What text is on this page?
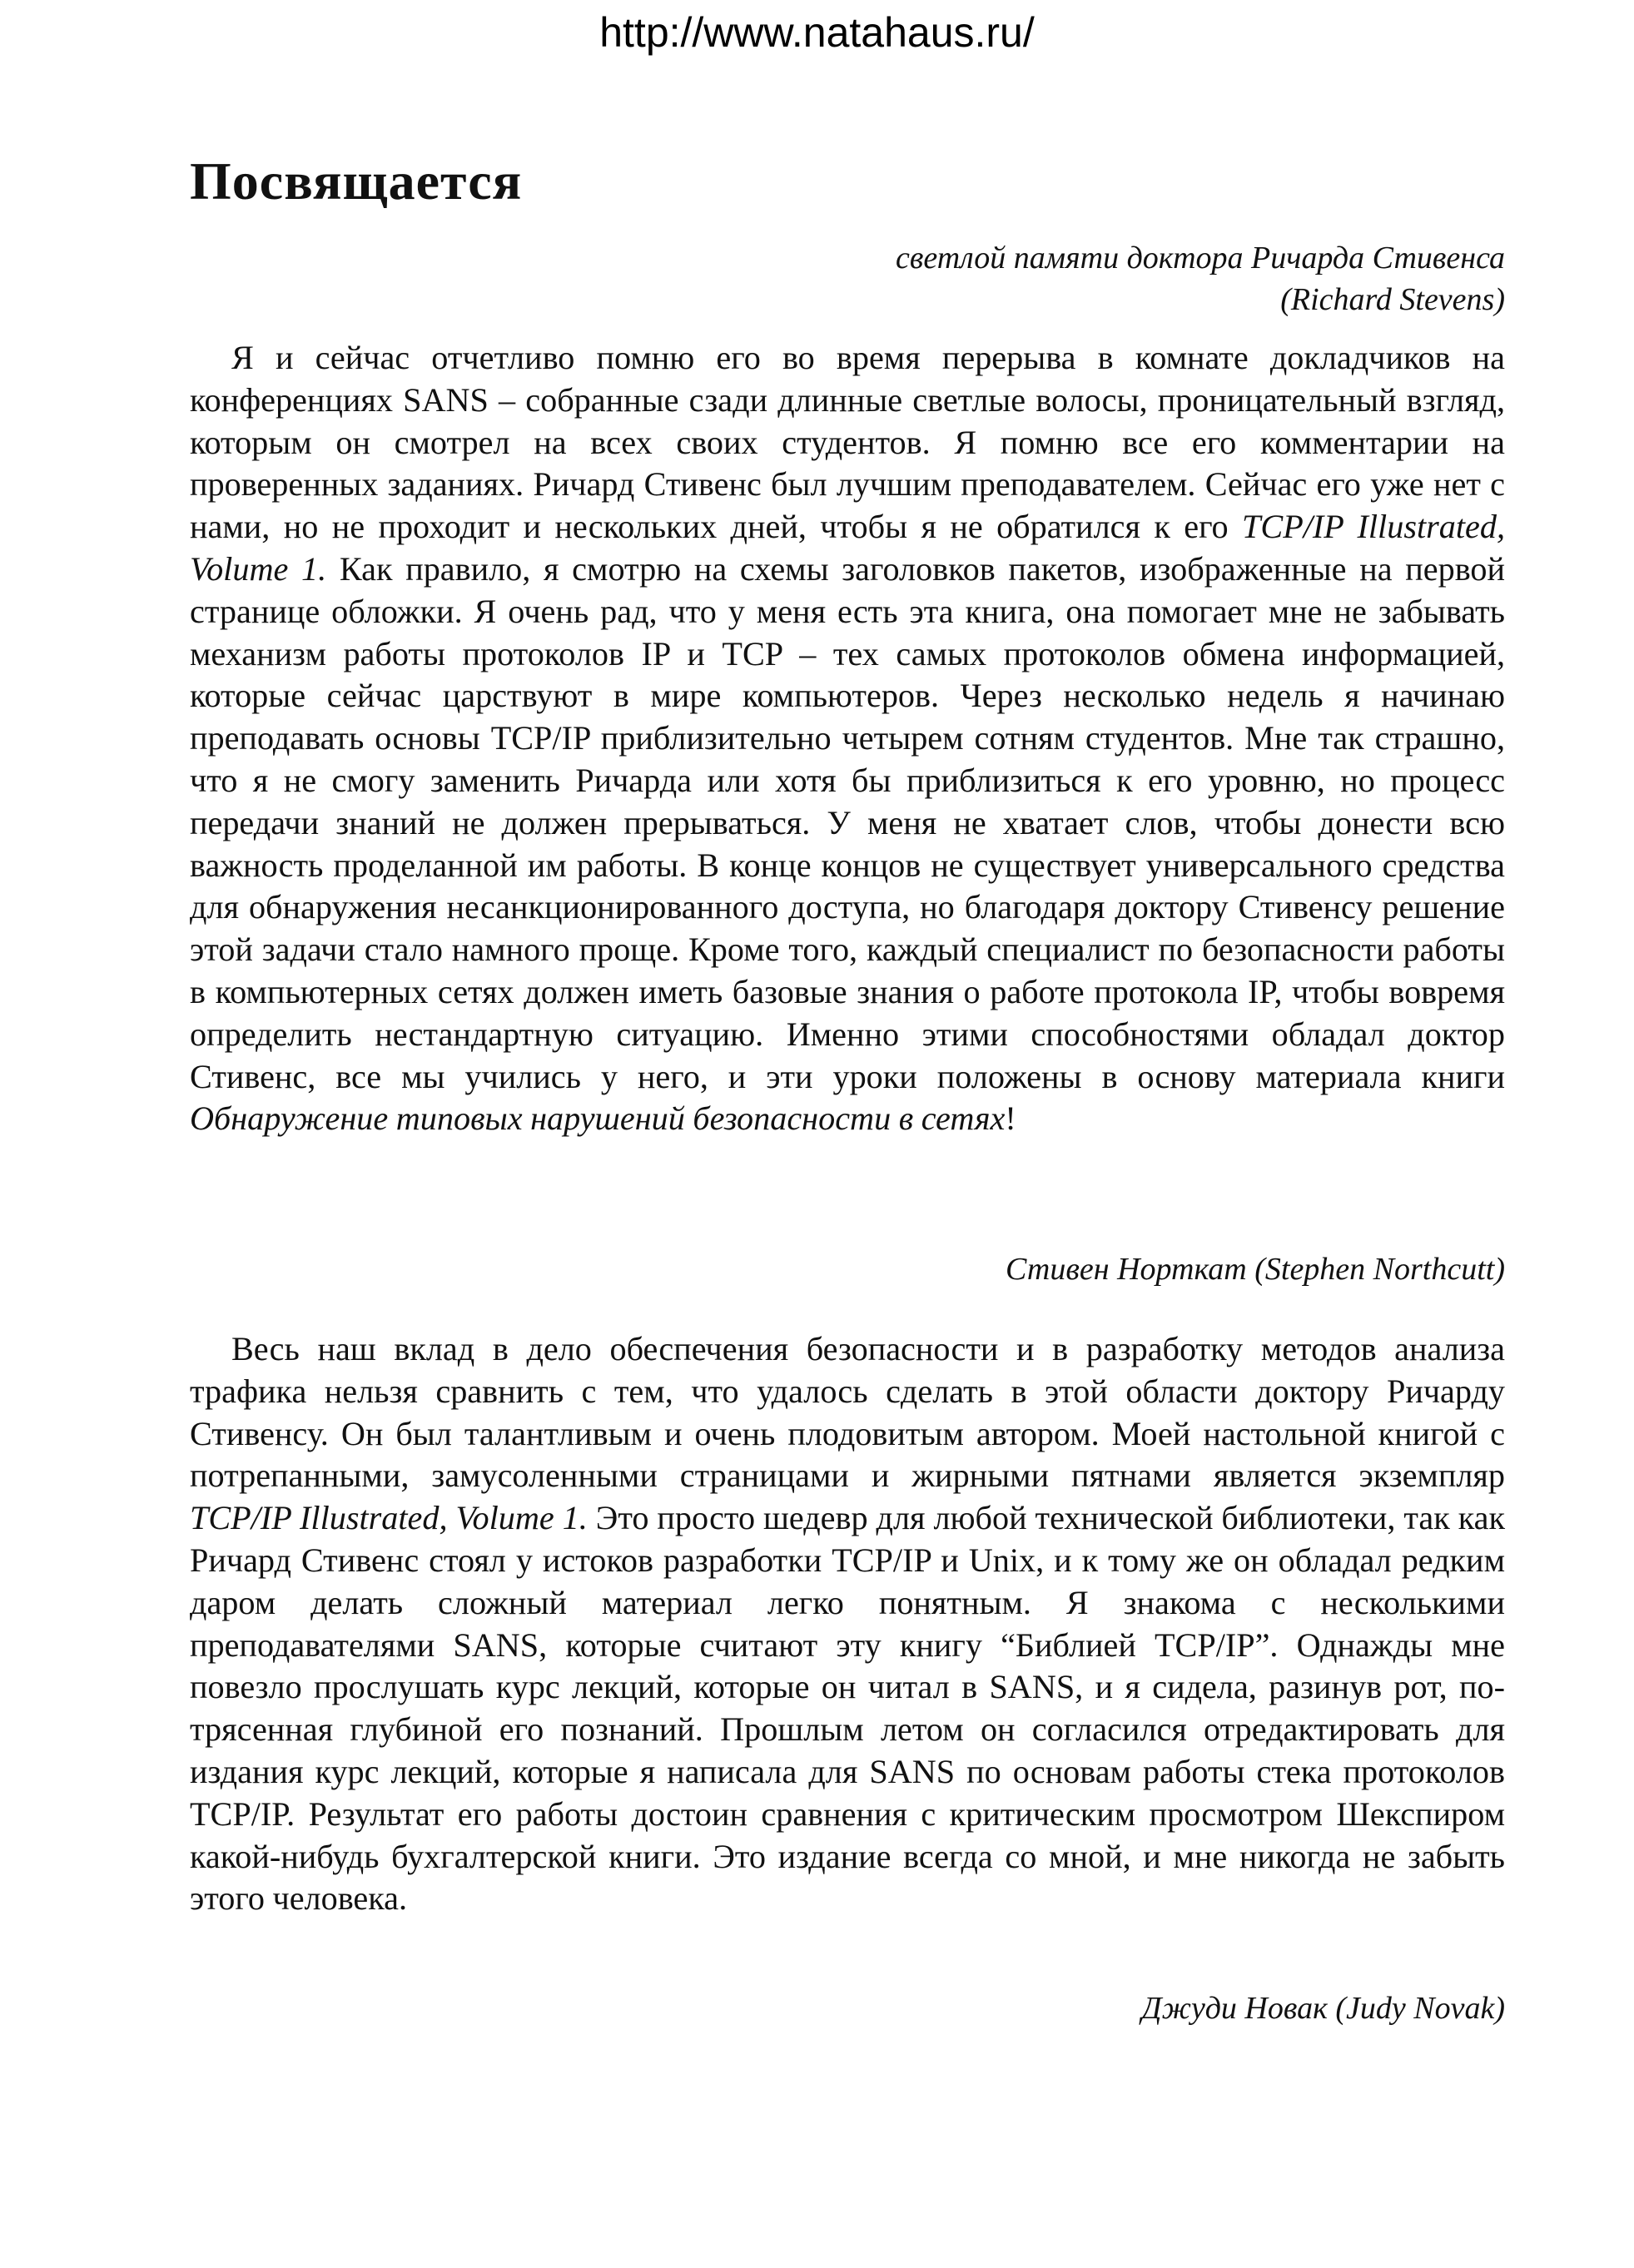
http://www.natahaus.ru/
Посвящается
светлой памяти доктора Ричарда Стивенса
(Richard Stevens)

Я и сейчас отчетливо помню его во время перерыва в комнате докладчиков на конференциях SANS – собранные сзади длинные светлые волосы, проницательный взгляд, которым он смотрел на всех своих студентов. Я помню все его комментарии на проверенных заданиях. Ричард Стивенс был лучшим преподавателем. Сейчас его уже нет с нами, но не проходит и нескольких дней, чтобы я не обратился к его TCP/IP Illustrated, Volume 1. Как правило, я смотрю на схемы заголовков пакетов, изображенные на первой странице обложки. Я очень рад, что у меня есть эта книга, она помогает мне не забывать механизм работы протоколов IP и TCP – тех самых протоколов обмена информацией, которые сейчас царствуют в мире компьютеров. Через несколько недель я начинаю преподавать основы TCP/IP приблизительно четырем сотням студентов. Мне так страшно, что я не смогу заменить Ричарда или хотя бы приблизиться к его уровню, но процесс передачи знаний не должен прерываться. У меня не хватает слов, чтобы донести всю важность проделанной им работы. В конце концов не существует универсального средства для обнаружения несанкционированного доступа, но благодаря доктору Стивенсу решение этой задачи стало намного проще. Кроме того, каждый специалист по безопасности работы в компьютерных сетях должен иметь базовые знания о работе протокола IP, чтобы вовремя определить нестандартную ситуацию. Именно этими способностями обладал доктор Стивенс, все мы учились у него, и эти уроки положены в основу материала книги Обнаружение типовых нарушений безопасности в сетях!

Стивен Норткат (Stephen Northcutt)

Весь наш вклад в дело обеспечения безопасности и в разработку методов анализа трафика нельзя сравнить с тем, что удалось сделать в этой области доктору Ричарду Стивенсу. Он был талантливым и очень плодовитым автором. Моей настольной книгой с потрепанными, замусоленными страницами и жирными пятнами является экземпляр TCP/IP Illustrated, Volume 1. Это просто шедевр для любой технической библиотеки, так как Ричард Стивенс стоял у истоков разработки TCP/IP и Unix, и к тому же он обладал редким даром делать сложный материал легко понятным. Я знакома с несколькими преподавателями SANS, которые считают эту книгу “Библией TCP/IP”. Однажды мне повезло прослушать курс лекций, которые он читал в SANS, и я сидела, разинув рот, потрясенная глубиной его познаний. Прошлым летом он согласился отредактировать для издания курс лекций, которые я написала для SANS по основам работы стека протоколов TCP/IP. Результат его работы достоин сравнения с критическим просмотром Шекспиром какой-нибудь бухгалтерской книги. Это издание всегда со мной, и мне никогда не забыть этого человека.

Джуди Новак (Judy Novak)
